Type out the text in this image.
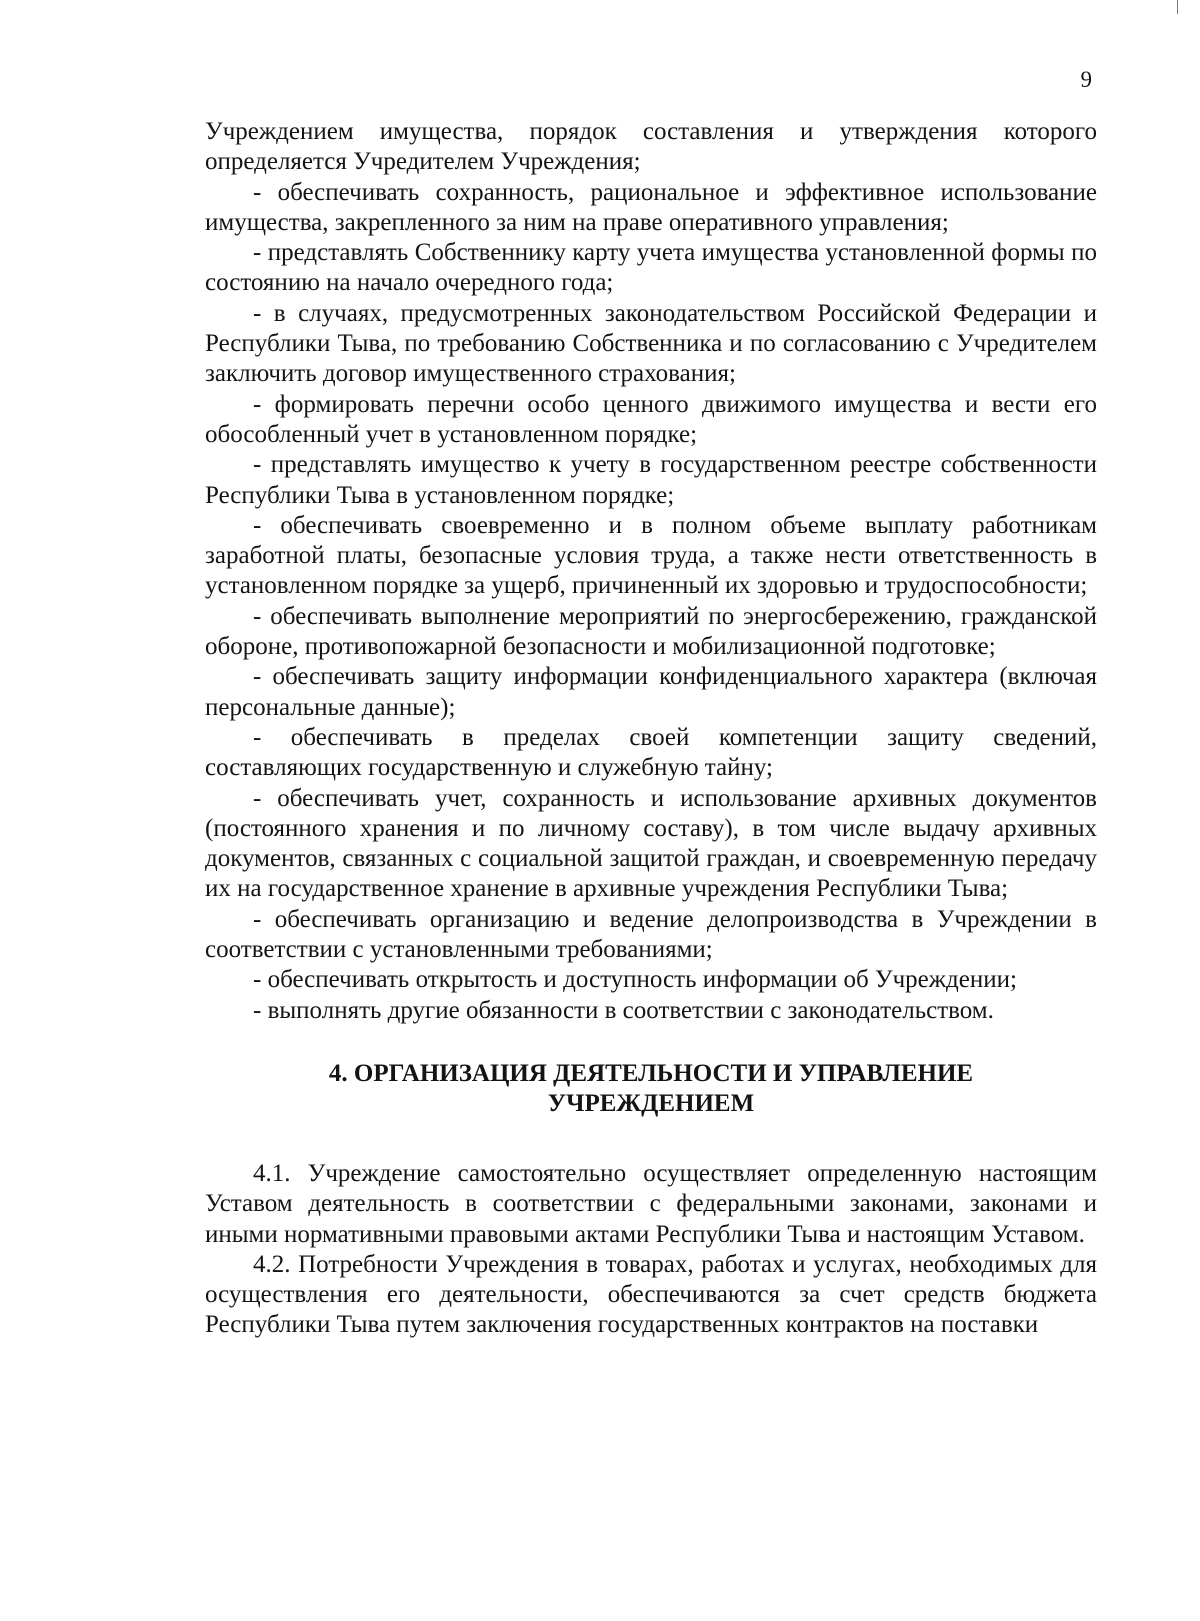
9

Учреждением имущества, порядок составления и утверждения которого определяется Учредителем Учреждения;

- обеспечивать сохранность, рациональное и эффективное использование имущества, закрепленного за ним на праве оперативного управления;

- представлять Собственнику карту учета имущества установленной формы по состоянию на начало очередного года;

- в случаях, предусмотренных законодательством Российской Федерации и Республики Тыва, по требованию Собственника и по согласованию с Учредителем заключить договор имущественного страхования;

- формировать перечни особо ценного движимого имущества и вести его обособленный учет в установленном порядке;

- представлять имущество к учету в государственном реестре собственности Республики Тыва в установленном порядке;

- обеспечивать своевременно и в полном объеме выплату работникам заработной платы, безопасные условия труда, а также нести ответственность в установленном порядке за ущерб, причиненный их здоровью и трудоспособности;

- обеспечивать выполнение мероприятий по энергосбережению, гражданской обороне, противопожарной безопасности и мобилизационной подготовке;

- обеспечивать защиту информации конфиденциального характера (включая персональные данные);

- обеспечивать в пределах своей компетенции защиту сведений, составляющих государственную и служебную тайну;

- обеспечивать учет, сохранность и использование архивных документов (постоянного хранения и по личному составу), в том числе выдачу архивных документов, связанных с социальной защитой граждан, и своевременную передачу их на государственное хранение в архивные учреждения Республики Тыва;

- обеспечивать организацию и ведение делопроизводства в Учреждении в соответствии с установленными требованиями;

- обеспечивать открытость и доступность информации об Учреждении;

- выполнять другие обязанности в соответствии с законодательством.

4. ОРГАНИЗАЦИЯ ДЕЯТЕЛЬНОСТИ И УПРАВЛЕНИЕ
УЧРЕЖДЕНИЕМ

4.1. Учреждение самостоятельно осуществляет определенную настоящим Уставом деятельность в соответствии с федеральными законами, законами и иными нормативными правовыми актами Республики Тыва и настоящим Уставом.

4.2. Потребности Учреждения в товарах, работах и услугах, необходимых для осуществления его деятельности, обеспечиваются за счет средств бюджета Республики Тыва путем заключения государственных контрактов на поставки
